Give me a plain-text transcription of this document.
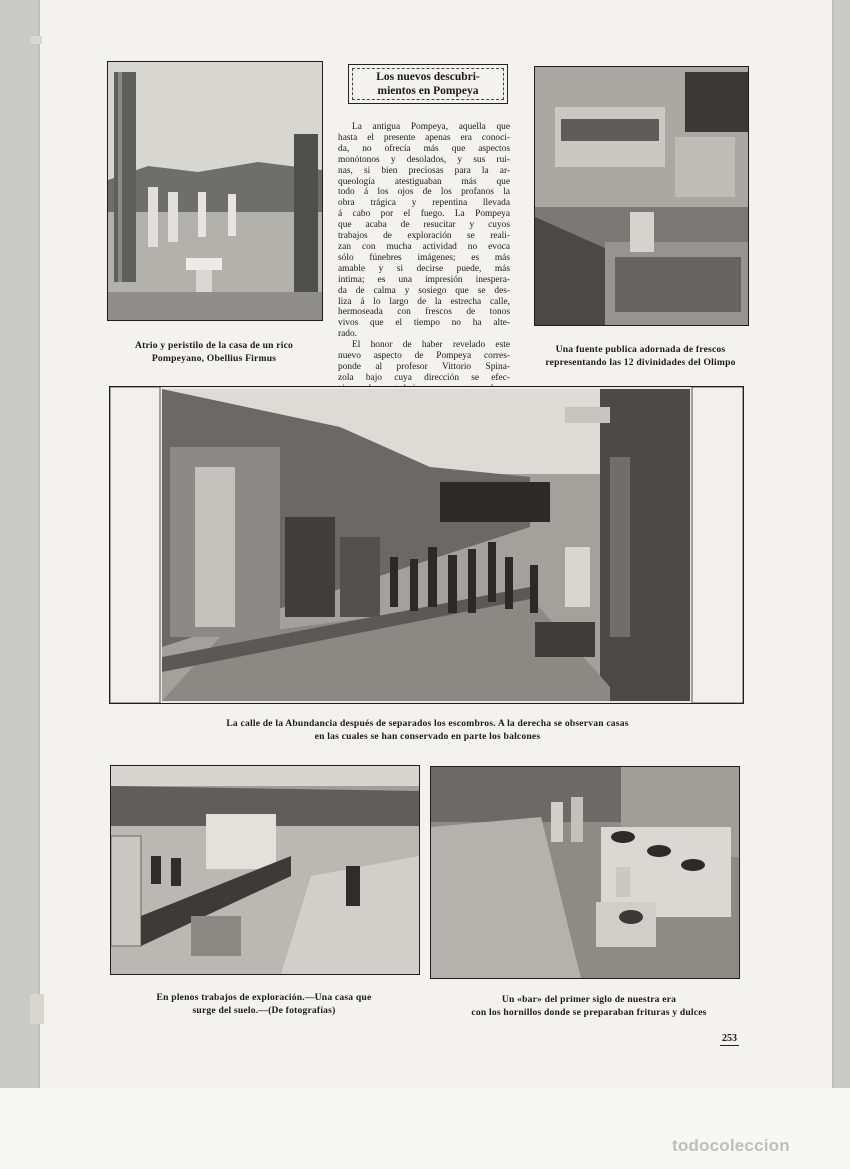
Atrio y peristilo de la casa de un rico
Pompeyano, Obellius Firmus
Los nuevos descubri-
mientos en Pompeya
La antigua Pompeya, aquella que
hasta el presente apenas era conoci-
da, no ofrecía más que aspectos
monótonos y desolados, y sus rui-
nas, si bien preciosas para la ar-
queología atestiguaban más que
todo á los ojos de los profanos la
obra trágica y repentina llevada
á cabo por el fuego. La Pompeya
que acaba de resucitar y cuyos
trabajos de exploración se reali-
zan con mucha actividad no evoca
sólo fúnebres imágenes; es más
amable y si decirse puede, más
íntima; es una impresión inespera-
da de calma y sosiego que se des-
liza á lo largo de la estrecha calle,
hermoseada con frescos de tonos
vivos que el tiempo no ha alte-
rado.
El honor de haber revelado este
nuevo aspecto de Pompeya corres-
ponde al profesor Vittorio Spina-
zola bajo cuya dirección se efec-
Una fuente publica adornada de frescos
representando las 12 divinidades del Olimpo
La calle de la Abundancia después de separados los escombros. A la derecha se observan casas
en las cuales se han conservado en parte los balcones
En plenos trabajos de exploración.—Una casa que
surge del suelo.—(De fotografías)
Un «bar» del primer siglo de nuestra era
con los hornillos donde se preparaban frituras y dulces
253
todocoleccion
